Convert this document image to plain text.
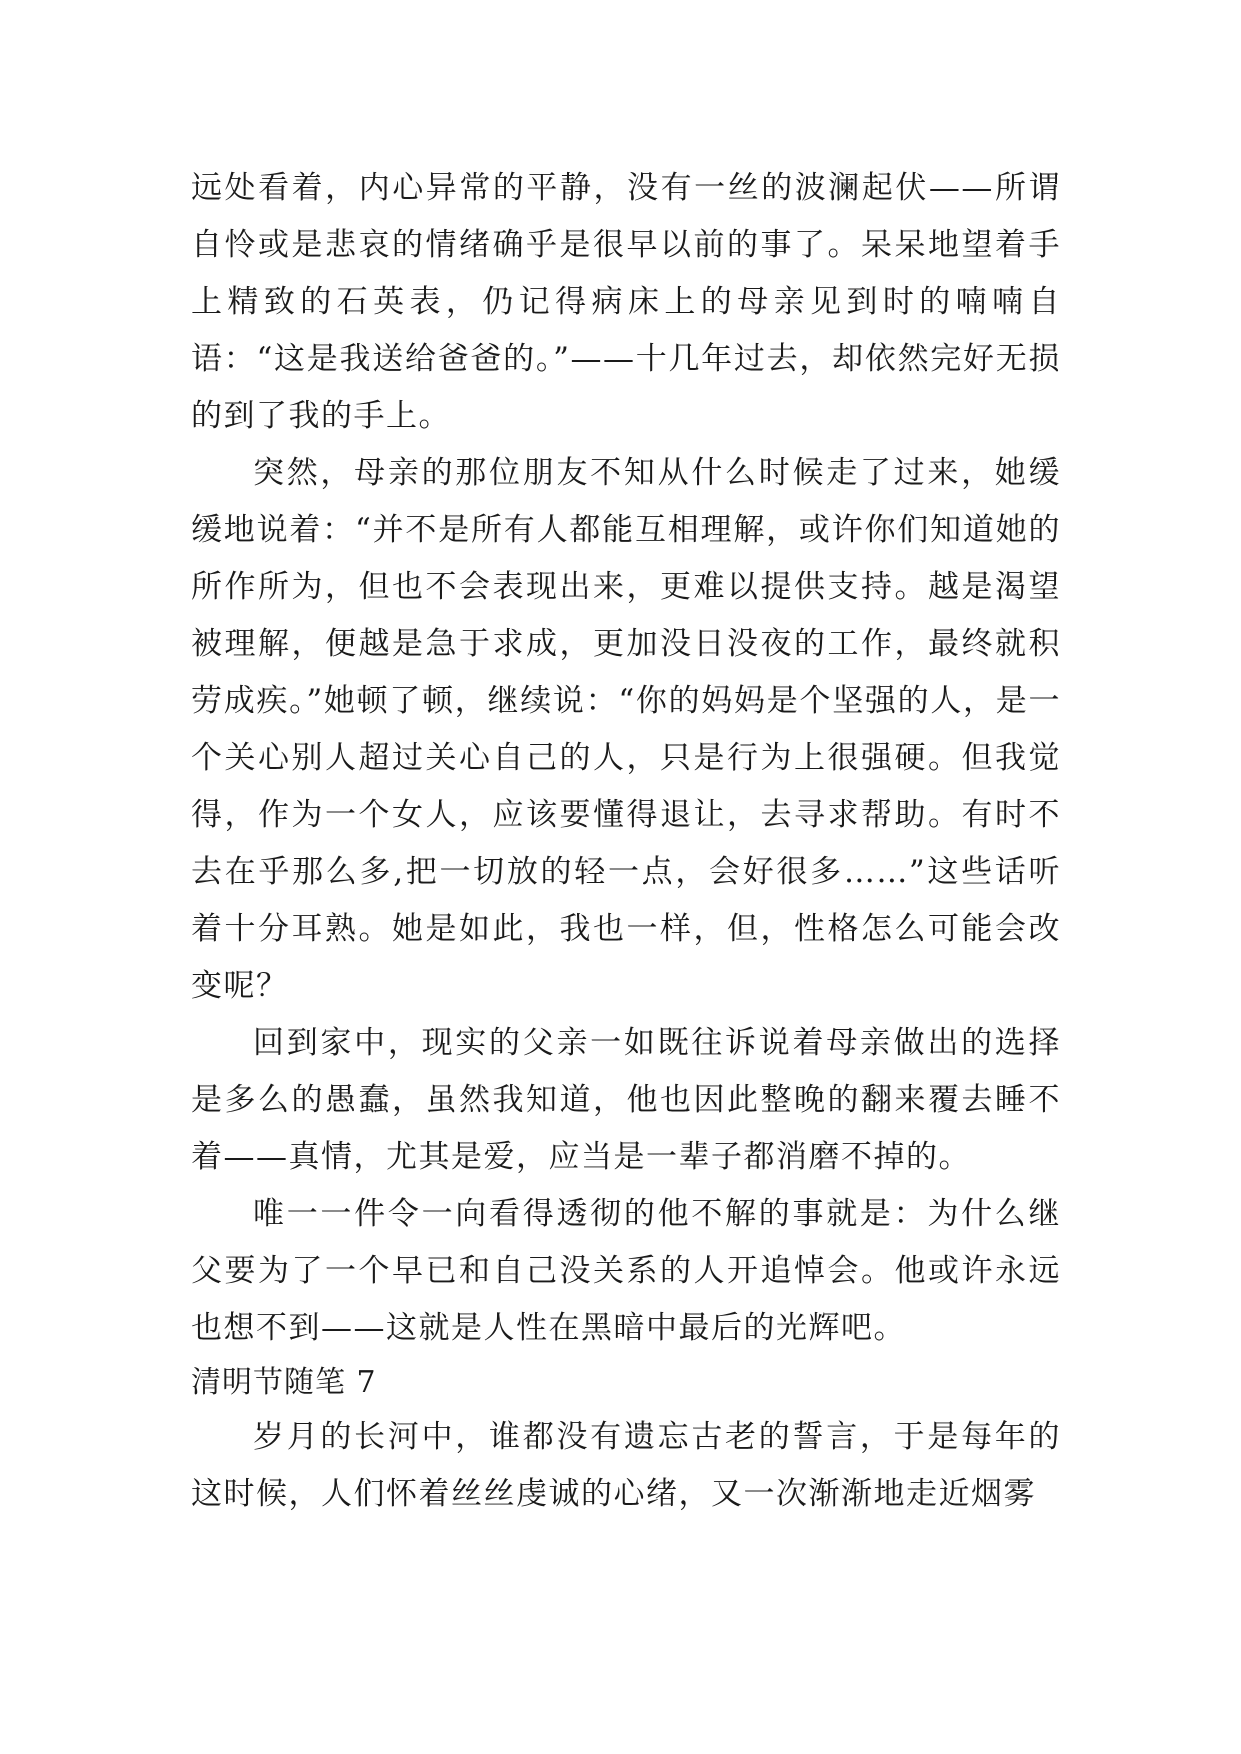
远处看着，内心异常的平静，没有一丝的波澜起伏——所谓自怜或是悲哀的情绪确乎是很早以前的事了。呆呆地望着手上精致的石英表，仍记得病床上的母亲见到时的喃喃自语：“这是我送给爸爸的。”——十几年过去，却依然完好无损的到了我的手上。

突然，母亲的那位朋友不知从什么时候走了过来，她缓缓地说着：“并不是所有人都能互相理解，或许你们知道她的所作所为，但也不会表现出来，更难以提供支持。越是渴望被理解，便越是急于求成，更加没日没夜的工作，最终就积劳成疾。”她顿了顿，继续说：“你的妈妈是个坚强的人，是一个关心别人超过关心自己的人，只是行为上很强硬。但我觉得，作为一个女人，应该要懂得退让，去寻求帮助。有时不去在乎那么多,把一切放的轻一点，会好很多……”这些话听着十分耳熟。她是如此，我也一样，但，性格怎么可能会改变呢？

回到家中，现实的父亲一如既往诉说着母亲做出的选择是多么的愚蠢，虽然我知道，他也因此整晚的翻来覆去睡不着——真情，尤其是爱，应当是一辈子都消磨不掉的。

唯一一件令一向看得透彻的他不解的事就是：为什么继父要为了一个早已和自己没关系的人开追悼会。他或许永远也想不到——这就是人性在黑暗中最后的光辉吧。

清明节随笔 7

岁月的长河中，谁都没有遗忘古老的誓言，于是每年的这时候，人们怀着丝丝虔诚的心绪，又一次渐渐地走近烟雾
